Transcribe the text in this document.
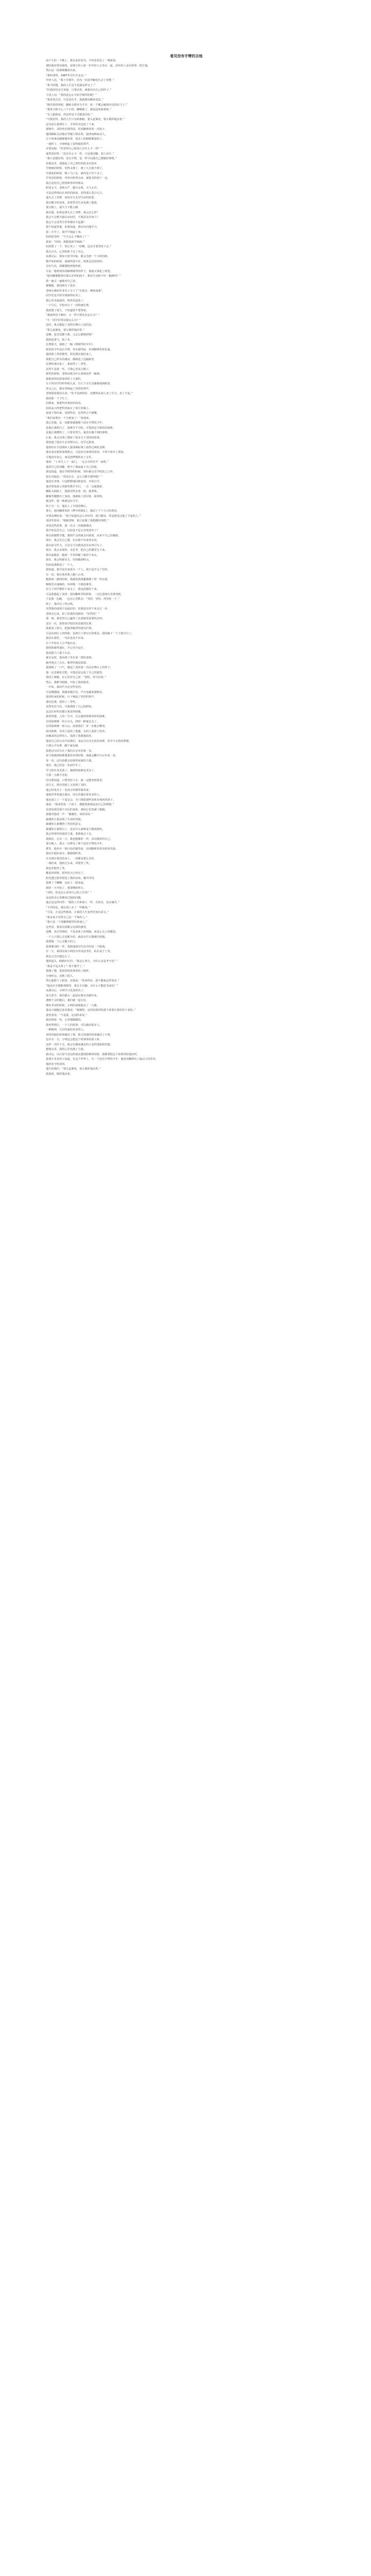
看见没有手臂的吉他
前不久的一个晚上，我在家里看书，不经意看见了一则新闻。
那时我对着电视机，看到主持人和一位年轻人正坐在一起，而年轻人身旁放着一把吉他。
然后是一段视频播放出来。
“我叫刘伟，1987年出生在北京。”
年轻人说，“我十岁那年，因为一次意外触电失去了双臂。”
“我当时想，我的人生是不是就这样完了。”
“但我的母亲告诉我，只要活着，就要活出自己的样子。”
主持人问：“那你是怎么开始学钢琴的呢？”
“我喜欢音乐，可是没有手，我就想用脚来试试。”
“刚开始的时候，脚趾头根本分不开，按一个键会碰到旁边的好几个。”
“我每天练习七八个小时，脚磨破了，就包起来接着练。”
“有人跟我说，你这样是不可能成功的。”
“可我觉得，我的人生只有两条路，要么赶紧死，要么精彩地活着。”
这句话让我愣住了，手里的书也放了下来。
视频中，刘伟坐在钢琴前，用双脚弹奏着一首曲子。
他的脚趾灵活地在琴键上移动着，旋律流畅而动人。
台下的观众静静地听着，很多人的眼眶都湿润了。
一曲终了，全场响起了雷鸣般的掌声。
评委问他：“你觉得自己和别人有什么不一样？”
他笑着回答：“没有什么不一样，只是我用脚，别人用手。”
“我只是想证明，没有手臂，也一样可以做自己想做的事情。”
看到这里，我想起了自己曾经的很多次放弃。
学画画的时候，觉得太难了，画了几天就不画了。
学游泳的时候，喝了几口水，就再也不肯下水了。
学英语的时候，背单词背得头疼，就把书扔到了一边。
我总是给自己找各种各样的理由。
时间太少，老师太严，题目太难，天气太冷。
可是这些理由在刘伟的面前，显得那么苍白无力。
他失去了双臂，却没有失去对生活的热爱。
我有健全的身体，却常常对生活充满了抱怨。
那天晚上，我久久不能入睡。
我在想，如果是我失去了双臂，我会怎么样？
我会不会整天躲在房间里，不愿意见任何人？
我会不会觉得全世界都对不起我？
我不知道答案，但我知道，我应该向他学习。
第二天早上，我早早地起了床。
妈妈很奇怪：“今天怎么不赖床了？”
我说：“妈妈，我想重新学画画。”
妈妈愣了一下，然后笑了：“好啊，这次可要坚持下去。”
我点点头，心里暗暗下定了决心。
从那以后，我每天放学回家，都会先画一个小时的画。
刚开始的时候，我画得很不好，线条歪歪扭扭的。
有好几次，我都想把画笔扔掉。
可是一想到刘伟用脚弹钢琴的样子，我就又拿起了画笔。
“他用脚都能弹出那么好听的曲子，我用手还画不好一幅画吗？”
我一遍又一遍地对自己说。
慢慢地，我的画有了进步。
老师在我的作业本上写下了“有进步，继续加油”。
同学们也开始夸我画得好看了。
我心里美滋滋的，练得更起劲了。
一个月后，学校举办了一次绘画比赛。
我犹豫了很久，不知道要不要参加。
“我画得还不够好，万一得不到名次怎么办？”
“万一同学们笑话我怎么办？”
这时，我又想起了刘伟在舞台上说的话。
“要么赶紧死，要么精彩地活着。”
是啊，连尝试都不敢，又怎么能精彩呢？
我鼓起勇气，报了名。
比赛那天，我画了一幅《弹钢琴的少年》。
画里的少年没有手臂，坐在钢琴前，用双脚弹奏着乐曲。
他的脸上带着微笑，阳光洒在他的身上。
我把自己所有的感动，都画进了这幅画里。
比赛结果出来了，我获得了二等奖。
虽然不是第一名，可我心里高兴极了。
颁奖的时候，老师问我为什么要画这样一幅画。
我把刘伟的故事讲给了大家听。
台下的同学们听得很认真，有几个女生还偷偷地抹眼泪。
讲完之后，教室里响起了热烈的掌声。
老师摸着我的头说：“你不仅画得好，还懂得从别人身上学习，真了不起。”
我的脸一下子红了。
回到家，我把奖状拿给妈妈看。
妈妈高兴得把奖状贴在了客厅的墙上。
爸爸下班回来，看到奖状，也笑得合不拢嘴。
“我们家要出一个小画家了！”爸爸说。
我心里想，这一切都要感谢那个没有手臂的少年。
是他让我明白了，困难并不可怕，可怕的是不敢面对困难。
是他让我懂得了，只要肯努力，就没有做不到的事情。
后来，我又在网上搜索了很多关于刘伟的故事。
我知道了他在失去双臂以后，还学过游泳。
他曾经在全国残疾人游泳锦标赛上获得过两枚金牌。
他本来还想参加残奥会，可是因为身体的原因，不得不放弃了游泳。
可他没有灰心，而是把梦想转向了音乐。
他说：“上帝关上了一扇门，一定会为你打开一扇窗。”
他用自己的双脚，推开了那扇属于自己的窗。
我还知道，他在学钢琴的时候，曾经被音乐学校拒之门外。
校长对他说：“你没有手，怎么可能学钢琴呢？”
他没有争辩，只是默默地回到家里，开始自学。
他对着电视上的钢琴教学节目，一点一点地摸索。
脚趾头抽筋了，他就用热水泡一泡，接着练。
脚被琴键磨出了血泡，他就贴上创可贴，接着练。
就这样，他一练就是好几年。
终于有一天，他站上了全国的舞台。
那天，他用脚弹奏的《梦中的婚礼》，感动了千千万万的观众。
评委高晓松说：“我不知道该怎么评价你，我只能说，你是我见过最了不起的人。”
刘伟笑着说：“谢谢老师，我只是做了我想做的事情。”
读着这些故事，我一次又一次地被感动。
我开始反思自己，以前是不是太容易放弃了？
我以前做数学题，遇到不会的就去问爸爸，从来不自己动脑筋。
现在，我会先自己想，实在想不出来再去问。
我以前写作文，总是写几句就说没有东西可写了。
现在，我会多观察，多思考，把自己的感受写下来。
我以前跑步，跑到一半觉得累了就停下来走。
现在，我会咬紧牙关，坚持跑到终点。
妈妈说我像变了一个人。
我知道，我并没有变成另一个人，我只是学会了坚持。
有一次，我在体育课上跑八百米。
跑到第二圈的时候，我感觉两条腿像灌了铅一样沉重。
喉咙里火辣辣的，每呼吸一下都很难受。
好几个同学都停下来走了，我也很想停下来。
可是我想起了刘伟，他用脚练琴的时候，一定比我现在更难受吧。
于是我一边跑，一边在心里默念：“坚持，坚持，再坚持一下。”
终于，我冲过了终点线。
虽然我的成绩不是最好的，但我没有停下来走过一步。
老师走过来，拍了拍我的肩膀说：“好样的！”
那一刻，我觉得自己赢得了比成绩更重要的东西。
还有一次，我参加学校的英语演讲比赛。
我准备了很久，把演讲稿背得滚瓜烂熟。
可是站到台上的时候，看到台下黑压压的观众，我的脑子一下子就空白了。
我站在那里，一句话也说不出来。
台下开始有人小声地议论。
我的脸涨得通红，手心里全是汗。
我真想马上逃下台去。
就在这时，我看到了坐在第一排的老师。
她冲我点了点头，眼神里满是鼓励。
我深吸了一口气，想起了刘伟第一次站在舞台上的样子。
他一定也紧张过吧，可他还是完成了自己的演奏。
我闭上眼睛，在心里对自己说：“别怕，你可以的。”
然后，我睁开眼睛，开始了我的演讲。
一开始，我的声音还有些发抖。
可是慢慢地，我越来越自信，声音也越来越响亮。
演讲结束的时候，台下响起了热烈的掌声。
那次比赛，我得了三等奖。
虽然名次不高，可我战胜了自己的胆怯。
这比任何奖状都让我觉得骄傲。
我常常想，人的一生中，总会遇到各种各样的困难。
有的困难像一块小石头，轻轻一跨就过去了。
有的困难像一座大山，需要我们一步一步地去攀登。
面对困难，有的人选择了逃避，有的人选择了放弃。
而像刘伟这样的人，选择了勇敢地面对。
他用自己的行动告诉我们，命运可以夺走你的双臂，但夺不走你的梦想。
只要心中有梦，脚下就有路。
我把这句话写在了我的日记本的第一页。
每当我遇到困难想要放弃的时候，我就会翻开日记本看一看。
每一次，这句话都会给我带来新的力量。
现在，我已经是一名初中生了。
学习的任务更重了，遇到的困难也更多了。
可我一点都不害怕。
因为我知道，只要坚持下去，就一定能看到希望。
前几天，我在电视上又看到了刘伟。
他已经成为了一名真正的钢琴演奏家。
他到世界各地去演出，用音乐感动着更多的人。
他还成立了一个基金会，专门帮助那些身体有残疾的孩子。
他说：“我希望每一个孩子，都能勇敢地追求自己的梦想。”
看着电视里那个自信的身影，我的心里充满了敬佩。
我想对他说一声：“谢谢你，刘伟哥哥。”
谢谢你让我看到了生命的坚强。
谢谢你让我懂得了坚持的意义。
谢谢你让我明白了，没有什么困难是不能战胜的。
我会带着你给我的力量，勇敢地走下去。
我相信，总有一天，我也能像你一样，活出精彩的自己。
那天晚上，我又一次梦见了那个没有手臂的少年。
梦里，他坐在一架白色的钢琴前，用双脚弹奏着美妙的乐曲。
我站在他的身旁，静静地听着。
月光洒在我们的身上，一切都是那么美好。
一曲结束，他转过头来，冲我笑了笑。
我也冲他笑了笑。
醒来的时候，窗外的天已经亮了。
阳光透过窗帘照进了我的房间，暖洋洋的。
我伸了个懒腰，从床上一跃而起。
新的一天开始了，我要继续努力。
“刘伟，你是怎么看待自己的人生的？”
这是很多记者都问过他的问题。
他总是这样回答：“我的人生和别人一样，有快乐，也有痛苦。”
“不同的是，我比别人多了一些挑战。”
“可是，正是这些挑战，让我的人生变得更加有意义。”
“我从来不觉得自己是一个残疾人。”
“我只是一个用脚弹钢琴的普通人。”
这些话，我每次读都会有新的感受。
是啊，真正的残疾，不是身体上的残缺，而是心灵上的脆弱。
一个人只要心灵是健全的，就没有什么能够打倒他。
我要做一个心灵健全的人。
我要像刘伟一样，勇敢地面对生活中的每一个挑战。
有一天，我的同桌小明因为考试没考好，趴在桌子上哭。
我走过去问他怎么了。
他抬起头，眼睛红红的：“我这么努力，为什么还是考不好？”
“我是不是太笨了？我不想学了。”
我想了想，把刘伟的故事讲给了他听。
小明听完，沉默了很久。
然后他擦干了眼泪，对我说：“你说得对，我不能就这样放弃。”
“他没有手都能弹钢琴，我有手有脚，为什么不能把书读好？”
从那以后，小明学习更加用功了。
每天放学，我们都会一起留在教室里做作业。
遇到不会的题目，我们就一起讨论。
期末考试的时候，小明的成绩提高了一大截。
他高兴地跑过来对我说：“谢谢你，是你给我讲的那个故事让我坚持下来的。”
我笑着说：“不是我，是刘伟哥哥。”
我们相视一笑，心里都暖暖的。
我突然明白，一个人的故事，可以感动很多人。
一种精神，可以传递给更多的人。
刘伟用他的故事感动了我，我又用他的故事感动了小明。
也许有一天，小明也会把这个故事讲给别人听。
这样一直传下去，就会有越来越多的人变得勇敢和坚强。
想到这里，我的心里充满了力量。
我决定，以后每当身边的朋友遇到困难的时候，我都要把这个故事讲给他们听。
我要让更多的人知道，在这个世界上，有一个没有手臂的少年，他用双脚弹出了最动人的乐章。
他的名字叫刘伟。
他告诉我们：“要么赶紧死，要么精彩地活着。”
我选择，精彩地活着。
